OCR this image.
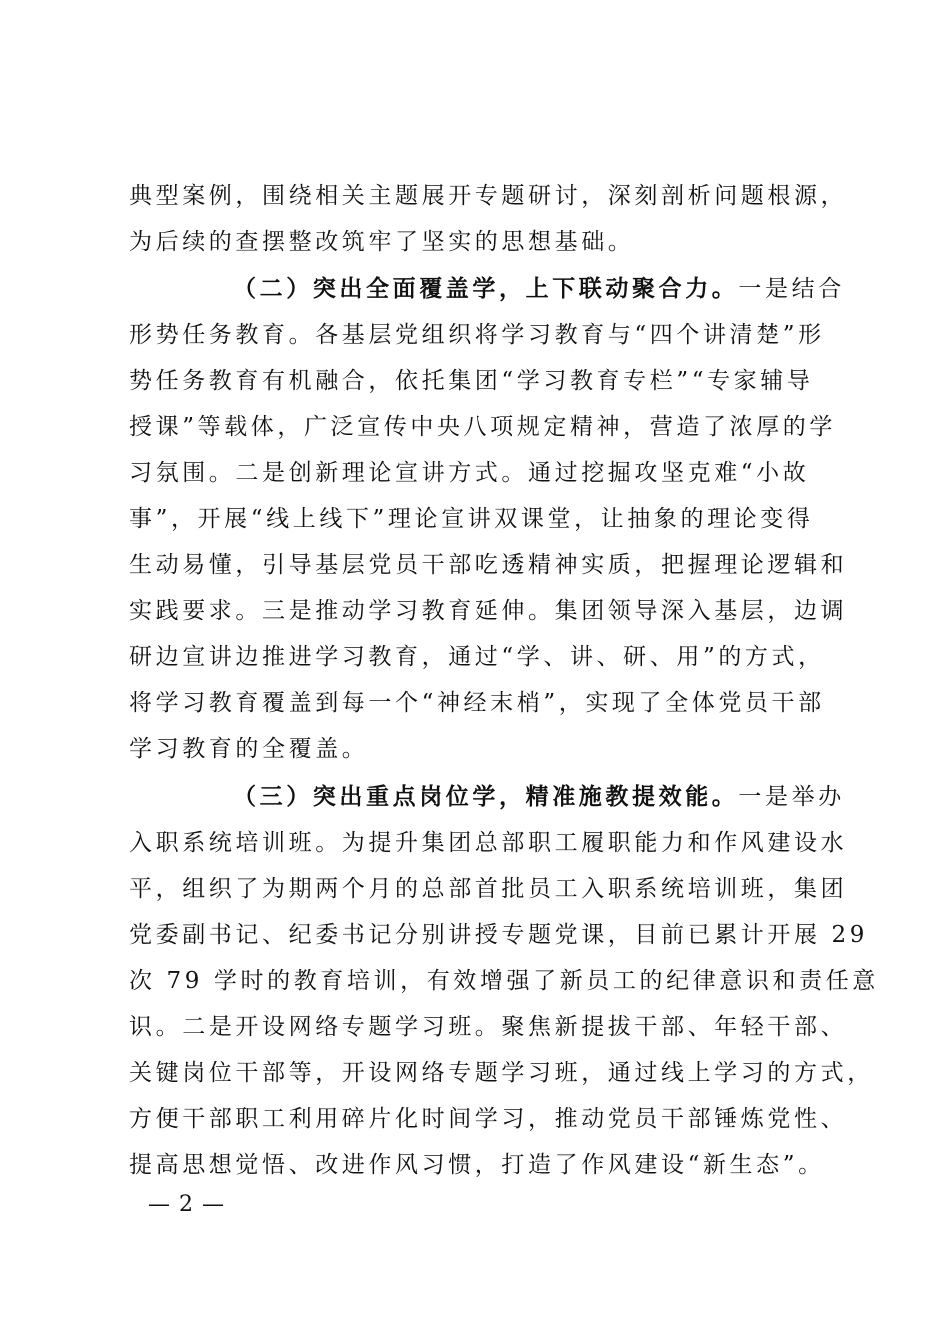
典型案例，围绕相关主题展开专题研讨，深刻剖析问题根源，
为后续的查摆整改筑牢了坚实的思想基础。
（二）突出全面覆盖学，上下联动聚合力。一是结合
形势任务教育。各基层党组织将学习教育与“四个讲清楚”形
势任务教育有机融合，依托集团“学习教育专栏”“专家辅导
授课”等载体，广泛宣传中央八项规定精神，营造了浓厚的学
习氛围。二是创新理论宣讲方式。通过挖掘攻坚克难“小故
事”，开展“线上线下”理论宣讲双课堂，让抽象的理论变得
生动易懂，引导基层党员干部吃透精神实质，把握理论逻辑和
实践要求。三是推动学习教育延伸。集团领导深入基层，边调
研边宣讲边推进学习教育，通过“学、讲、研、用”的方式，
将学习教育覆盖到每一个“神经末梢”，实现了全体党员干部
学习教育的全覆盖。
（三）突出重点岗位学，精准施教提效能。一是举办
入职系统培训班。为提升集团总部职工履职能力和作风建设水
平，组织了为期两个月的总部首批员工入职系统培训班，集团
党委副书记、纪委书记分别讲授专题党课，目前已累计开展 29
次 79 学时的教育培训，有效增强了新员工的纪律意识和责任意
识。二是开设网络专题学习班。聚焦新提拔干部、年轻干部、
关键岗位干部等，开设网络专题学习班，通过线上学习的方式，
方便干部职工利用碎片化时间学习，推动党员干部锤炼党性、
提高思想觉悟、改进作风习惯，打造了作风建设“新生态”。
— 2 —
